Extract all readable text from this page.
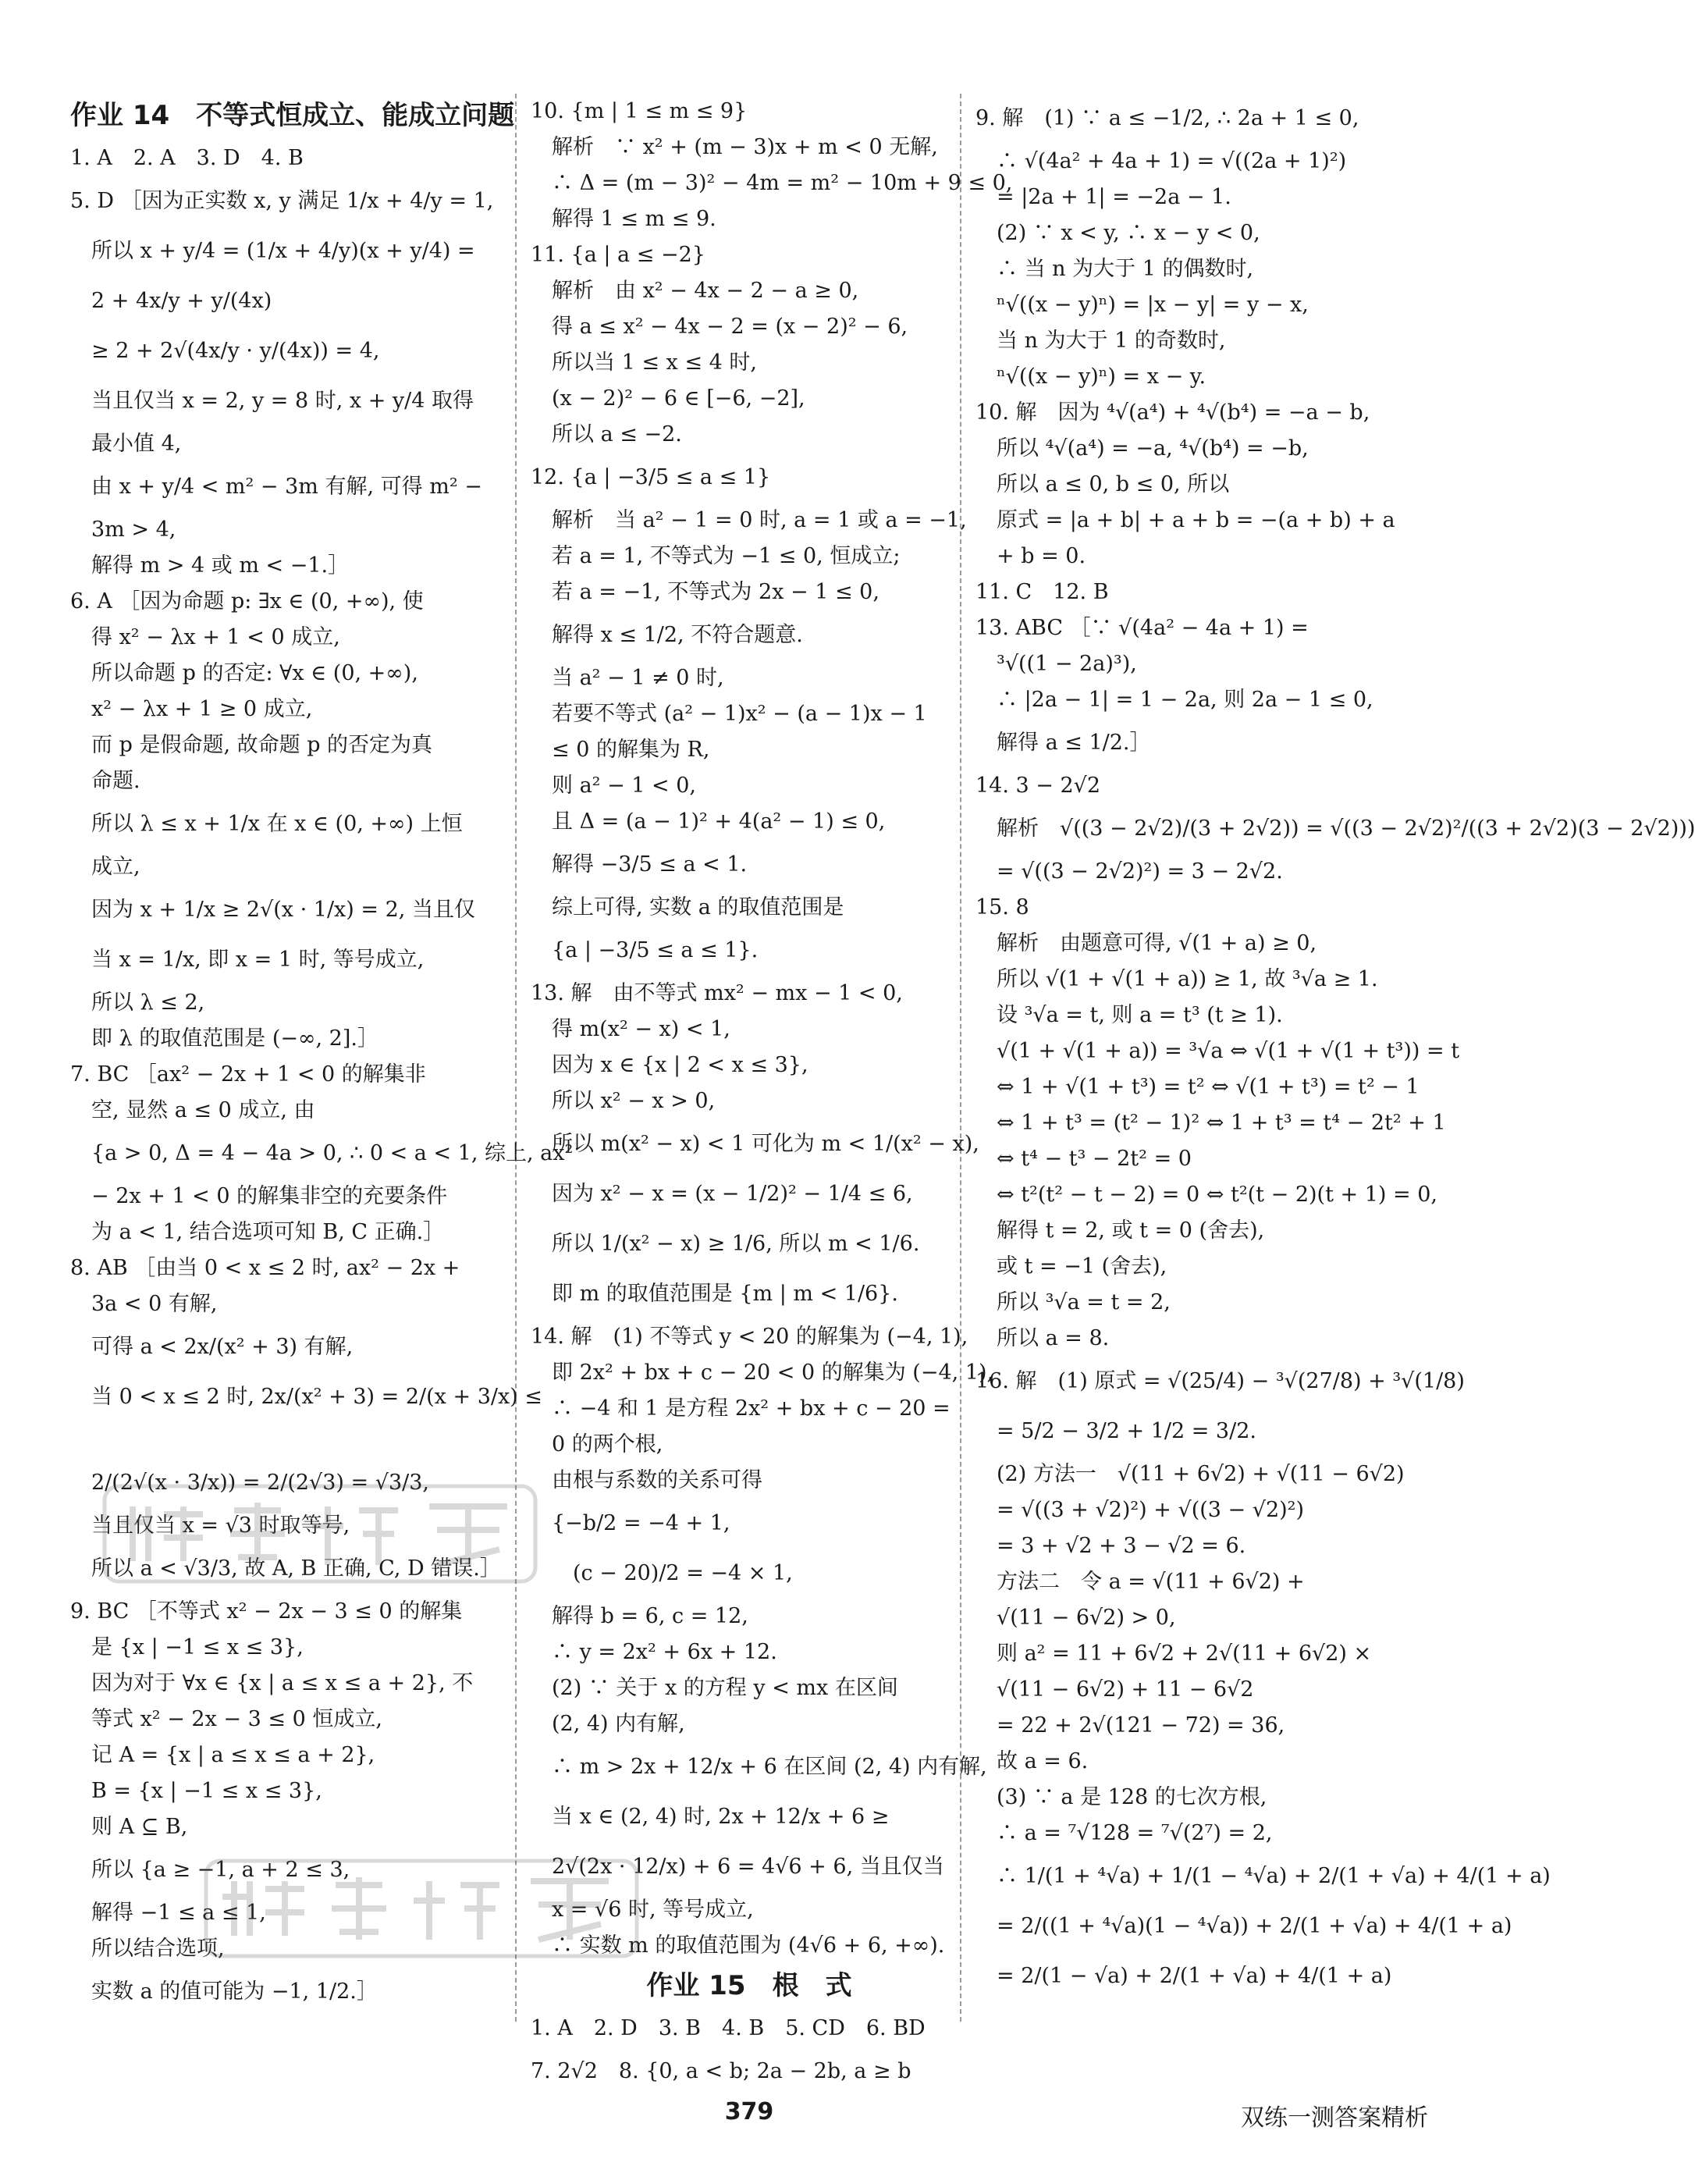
作业 14　不等式恒成立、能成立问题
1. A　2. A　3. D　4. B
5. D ［因为正实数 x, y 满足 1/x + 4/y = 1,
　所以 x + y/4 = (1/x + 4/y)(x + y/4) =
　2 + 4x/y + y/(4x)
　≥ 2 + 2√(4x/y · y/(4x)) = 4,
　当且仅当 x = 2, y = 8 时, x + y/4 取得
　最小值 4,
　由 x + y/4 < m² − 3m 有解, 可得 m² −
　3m > 4,
　解得 m > 4 或 m < −1.］
6. A ［因为命题 p: ∃x ∈ (0, +∞), 使
　得 x² − λx + 1 < 0 成立,
　所以命题 p 的否定: ∀x ∈ (0, +∞),
　x² − λx + 1 ≥ 0 成立,
　而 p 是假命题, 故命题 p 的否定为真
　命题.
　所以 λ ≤ x + 1/x 在 x ∈ (0, +∞) 上恒
　成立,
　因为 x + 1/x ≥ 2√(x · 1/x) = 2, 当且仅
　当 x = 1/x, 即 x = 1 时, 等号成立,
　所以 λ ≤ 2,
　即 λ 的取值范围是 (−∞, 2].］
7. BC ［ax² − 2x + 1 < 0 的解集非
　空, 显然 a ≤ 0 成立, 由
　{a > 0, Δ = 4 − 4a > 0, ∴ 0 < a < 1, 综上, ax²
　− 2x + 1 < 0 的解集非空的充要条件
　为 a < 1, 结合选项可知 B, C 正确.］
8. AB ［由当 0 < x ≤ 2 时, ax² − 2x +
　3a < 0 有解,
　可得 a < 2x/(x² + 3) 有解,
　当 0 < x ≤ 2 时, 2x/(x² + 3) = 2/(x + 3/x) ≤
　2/(2√(x · 3/x)) = 2/(2√3) = √3/3,
　当且仅当 x = √3 时取等号,
　所以 a < √3/3, 故 A, B 正确, C, D 错误.］
9. BC ［不等式 x² − 2x − 3 ≤ 0 的解集
　是 {x | −1 ≤ x ≤ 3},
　因为对于 ∀x ∈ {x | a ≤ x ≤ a + 2}, 不
　等式 x² − 2x − 3 ≤ 0 恒成立,
　记 A = {x | a ≤ x ≤ a + 2},
　B = {x | −1 ≤ x ≤ 3},
　则 A ⊆ B,
　所以 {a ≥ −1, a + 2 ≤ 3,
　解得 −1 ≤ a ≤ 1,
　所以结合选项,
　实数 a 的值可能为 −1, 1/2.］
10. {m | 1 ≤ m ≤ 9}
　解析　∵ x² + (m − 3)x + m < 0 无解,
　∴ Δ = (m − 3)² − 4m = m² − 10m + 9 ≤ 0,
　解得 1 ≤ m ≤ 9.
11. {a | a ≤ −2}
　解析　由 x² − 4x − 2 − a ≥ 0,
　得 a ≤ x² − 4x − 2 = (x − 2)² − 6,
　所以当 1 ≤ x ≤ 4 时,
　(x − 2)² − 6 ∈ [−6, −2],
　所以 a ≤ −2.
12. {a | −3/5 ≤ a ≤ 1}
　解析　当 a² − 1 = 0 时, a = 1 或 a = −1,
　若 a = 1, 不等式为 −1 ≤ 0, 恒成立;
　若 a = −1, 不等式为 2x − 1 ≤ 0,
　解得 x ≤ 1/2, 不符合题意.
　当 a² − 1 ≠ 0 时,
　若要不等式 (a² − 1)x² − (a − 1)x − 1
　≤ 0 的解集为 R,
　则 a² − 1 < 0,
　且 Δ = (a − 1)² + 4(a² − 1) ≤ 0,
　解得 −3/5 ≤ a < 1.
　综上可得, 实数 a 的取值范围是
　{a | −3/5 ≤ a ≤ 1}.
13. 解　由不等式 mx² − mx − 1 < 0,
　得 m(x² − x) < 1,
　因为 x ∈ {x | 2 < x ≤ 3},
　所以 x² − x > 0,
　所以 m(x² − x) < 1 可化为 m < 1/(x² − x),
　因为 x² − x = (x − 1/2)² − 1/4 ≤ 6,
　所以 1/(x² − x) ≥ 1/6, 所以 m < 1/6.
　即 m 的取值范围是 {m | m < 1/6}.
14. 解　(1) 不等式 y < 20 的解集为 (−4, 1),
　即 2x² + bx + c − 20 < 0 的解集为 (−4, 1),
　∴ −4 和 1 是方程 2x² + bx + c − 20 =
　0 的两个根,
　由根与系数的关系可得
　{−b/2 = −4 + 1,
　　(c − 20)/2 = −4 × 1,
　解得 b = 6, c = 12,
　∴ y = 2x² + 6x + 12.
　(2) ∵ 关于 x 的方程 y < mx 在区间
　(2, 4) 内有解,
　∴ m > 2x + 12/x + 6 在区间 (2, 4) 内有解,
　当 x ∈ (2, 4) 时, 2x + 12/x + 6 ≥
　2√(2x · 12/x) + 6 = 4√6 + 6, 当且仅当
　x = √6 时, 等号成立,
　∴ 实数 m 的取值范围为 (4√6 + 6, +∞).
作业 15　根　式
1. A　2. D　3. B　4. B　5. CD　6. BD
7. 2√2　8. {0, a < b; 2a − 2b, a ≥ b
9. 解　(1) ∵ a ≤ −1/2, ∴ 2a + 1 ≤ 0,
　∴ √(4a² + 4a + 1) = √((2a + 1)²)
　= |2a + 1| = −2a − 1.
　(2) ∵ x < y, ∴ x − y < 0,
　∴ 当 n 为大于 1 的偶数时,
　ⁿ√((x − y)ⁿ) = |x − y| = y − x,
　当 n 为大于 1 的奇数时,
　ⁿ√((x − y)ⁿ) = x − y.
10. 解　因为 ⁴√(a⁴) + ⁴√(b⁴) = −a − b,
　所以 ⁴√(a⁴) = −a, ⁴√(b⁴) = −b,
　所以 a ≤ 0, b ≤ 0, 所以
　原式 = |a + b| + a + b = −(a + b) + a
　+ b = 0.
11. C　12. B
13. ABC ［∵ √(4a² − 4a + 1) =
　³√((1 − 2a)³),
　∴ |2a − 1| = 1 − 2a, 则 2a − 1 ≤ 0,
　解得 a ≤ 1/2.］
14. 3 − 2√2
　解析　√((3 − 2√2)/(3 + 2√2)) = √((3 − 2√2)²/((3 + 2√2)(3 − 2√2)))
　= √((3 − 2√2)²) = 3 − 2√2.
15. 8
　解析　由题意可得, √(1 + a) ≥ 0,
　所以 √(1 + √(1 + a)) ≥ 1, 故 ³√a ≥ 1.
　设 ³√a = t, 则 a = t³ (t ≥ 1).
　√(1 + √(1 + a)) = ³√a ⇔ √(1 + √(1 + t³)) = t
　⇔ 1 + √(1 + t³) = t² ⇔ √(1 + t³) = t² − 1
　⇔ 1 + t³ = (t² − 1)² ⇔ 1 + t³ = t⁴ − 2t² + 1
　⇔ t⁴ − t³ − 2t² = 0
　⇔ t²(t² − t − 2) = 0 ⇔ t²(t − 2)(t + 1) = 0,
　解得 t = 2, 或 t = 0 (舍去),
　或 t = −1 (舍去),
　所以 ³√a = t = 2,
　所以 a = 8.
16. 解　(1) 原式 = √(25/4) − ³√(27/8) + ³√(1/8)
　= 5/2 − 3/2 + 1/2 = 3/2.
　(2) 方法一　√(11 + 6√2) + √(11 − 6√2)
　= √((3 + √2)²) + √((3 − √2)²)
　= 3 + √2 + 3 − √2 = 6.
　方法二　令 a = √(11 + 6√2) +
　√(11 − 6√2) > 0,
　则 a² = 11 + 6√2 + 2√(11 + 6√2) ×
　√(11 − 6√2) + 11 − 6√2
　= 22 + 2√(121 − 72) = 36,
　故 a = 6.
　(3) ∵ a 是 128 的七次方根,
　∴ a = ⁷√128 = ⁷√(2⁷) = 2,
　∴ 1/(1 + ⁴√a) + 1/(1 − ⁴√a) + 2/(1 + √a) + 4/(1 + a)
　= 2/((1 + ⁴√a)(1 − ⁴√a)) + 2/(1 + √a) + 4/(1 + a)
　= 2/(1 − √a) + 2/(1 + √a) + 4/(1 + a)
379	双练一测答案精析
